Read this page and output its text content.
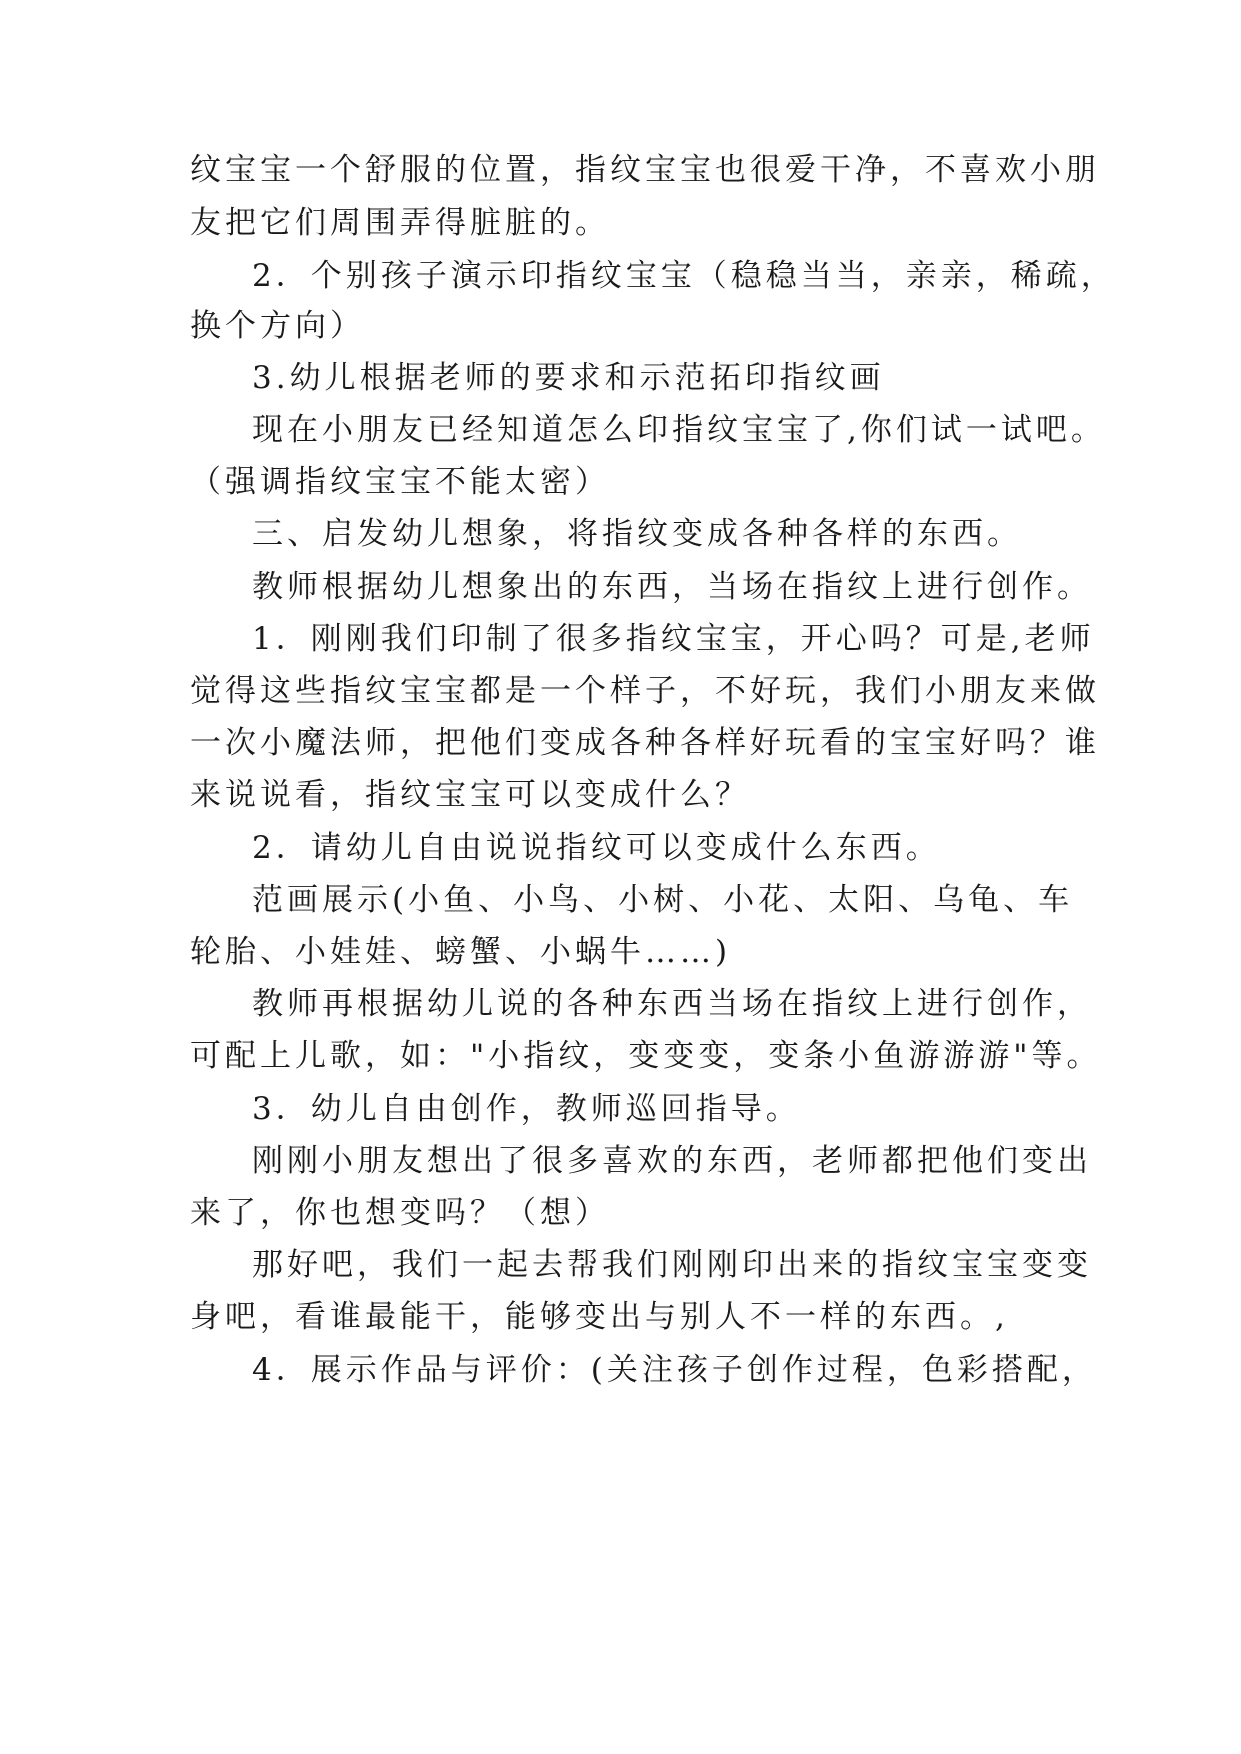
纹宝宝一个舒服的位置，指纹宝宝也很爱干净，不喜欢小朋
友把它们周围弄得脏脏的。
2．个别孩子演示印指纹宝宝（稳稳当当，亲亲，稀疏，
换个方向）
3.幼儿根据老师的要求和示范拓印指纹画
现在小朋友已经知道怎么印指纹宝宝了,你们试一试吧。
（强调指纹宝宝不能太密）
三、启发幼儿想象，将指纹变成各种各样的东西。
教师根据幼儿想象出的东西，当场在指纹上进行创作。
1．刚刚我们印制了很多指纹宝宝，开心吗？可是,老师
觉得这些指纹宝宝都是一个样子，不好玩，我们小朋友来做
一次小魔法师，把他们变成各种各样好玩看的宝宝好吗？谁
来说说看，指纹宝宝可以变成什么？
2．请幼儿自由说说指纹可以变成什么东西。
范画展示(小鱼、小鸟、小树、小花、太阳、乌龟、车
轮胎、小娃娃、螃蟹、小蜗牛……)
教师再根据幼儿说的各种东西当场在指纹上进行创作，
可配上儿歌，如："小指纹，变变变，变条小鱼游游游"等。
3．幼儿自由创作，教师巡回指导。
刚刚小朋友想出了很多喜欢的东西，老师都把他们变出
来了，你也想变吗？（想）
那好吧，我们一起去帮我们刚刚印出来的指纹宝宝变变
身吧，看谁最能干，能够变出与别人不一样的东西。,
4．展示作品与评价：(关注孩子创作过程，色彩搭配，
